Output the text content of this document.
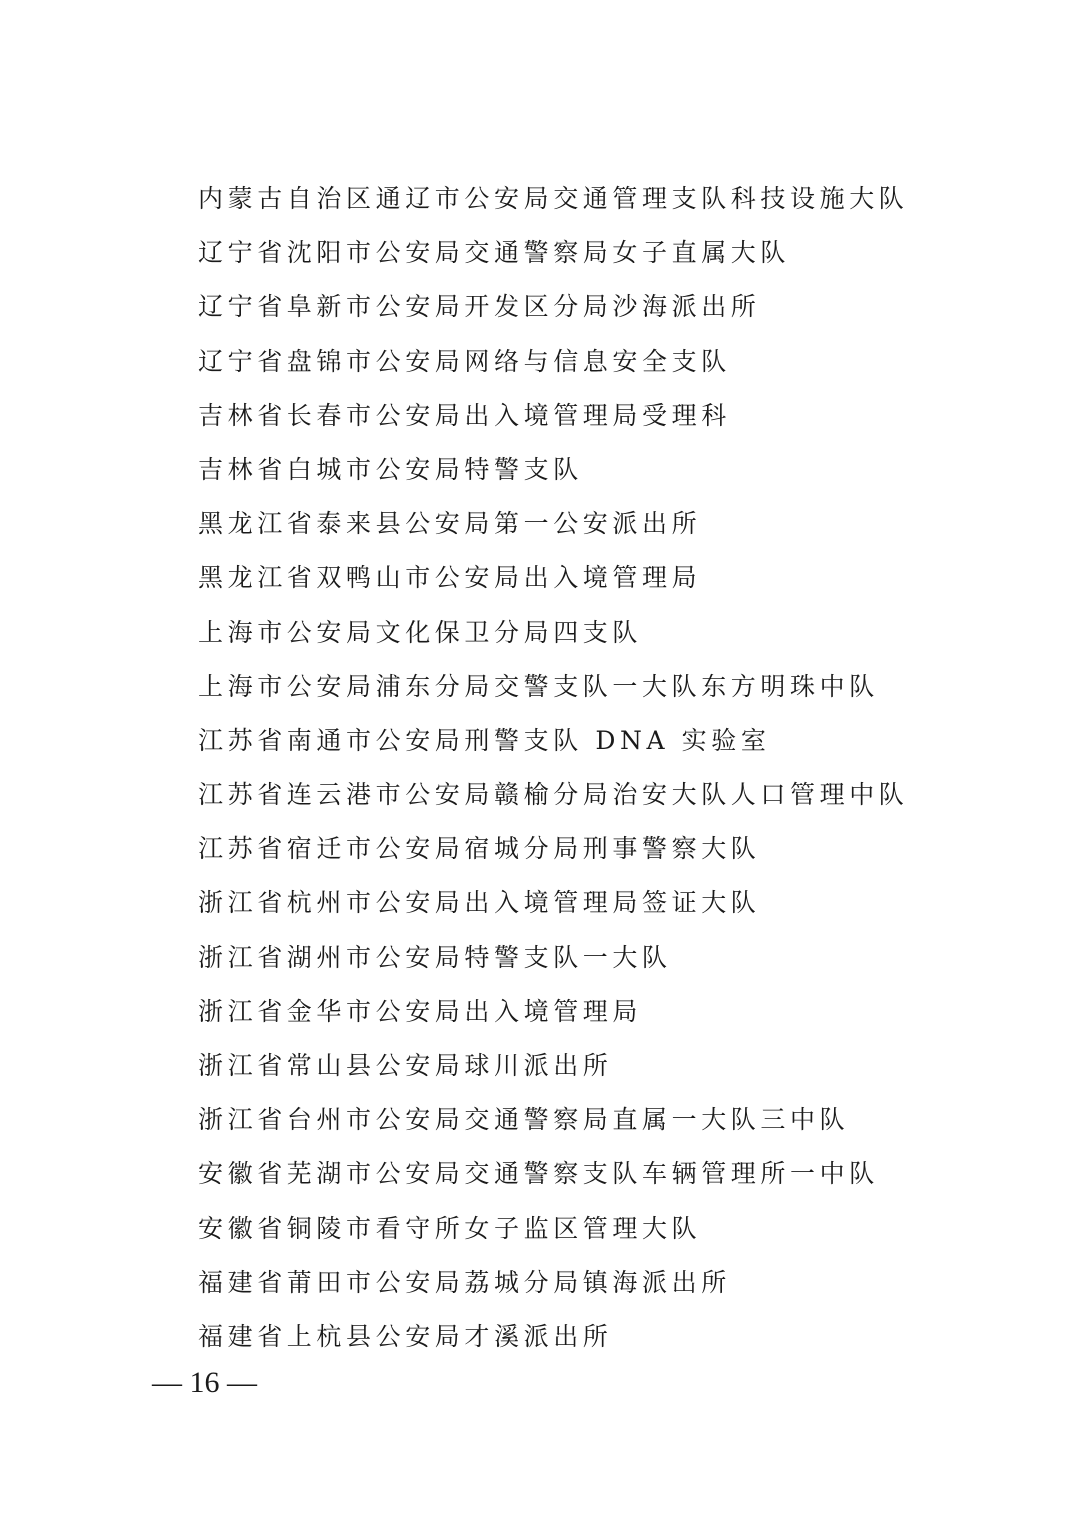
内蒙古自治区通辽市公安局交通管理支队科技设施大队
辽宁省沈阳市公安局交通警察局女子直属大队
辽宁省阜新市公安局开发区分局沙海派出所
辽宁省盘锦市公安局网络与信息安全支队
吉林省长春市公安局出入境管理局受理科
吉林省白城市公安局特警支队
黑龙江省泰来县公安局第一公安派出所
黑龙江省双鸭山市公安局出入境管理局
上海市公安局文化保卫分局四支队
上海市公安局浦东分局交警支队一大队东方明珠中队
江苏省南通市公安局刑警支队 DNA 实验室
江苏省连云港市公安局赣榆分局治安大队人口管理中队
江苏省宿迁市公安局宿城分局刑事警察大队
浙江省杭州市公安局出入境管理局签证大队
浙江省湖州市公安局特警支队一大队
浙江省金华市公安局出入境管理局
浙江省常山县公安局球川派出所
浙江省台州市公安局交通警察局直属一大队三中队
安徽省芜湖市公安局交通警察支队车辆管理所一中队
安徽省铜陵市看守所女子监区管理大队
福建省莆田市公安局荔城分局镇海派出所
福建省上杭县公安局才溪派出所
— 16 —
